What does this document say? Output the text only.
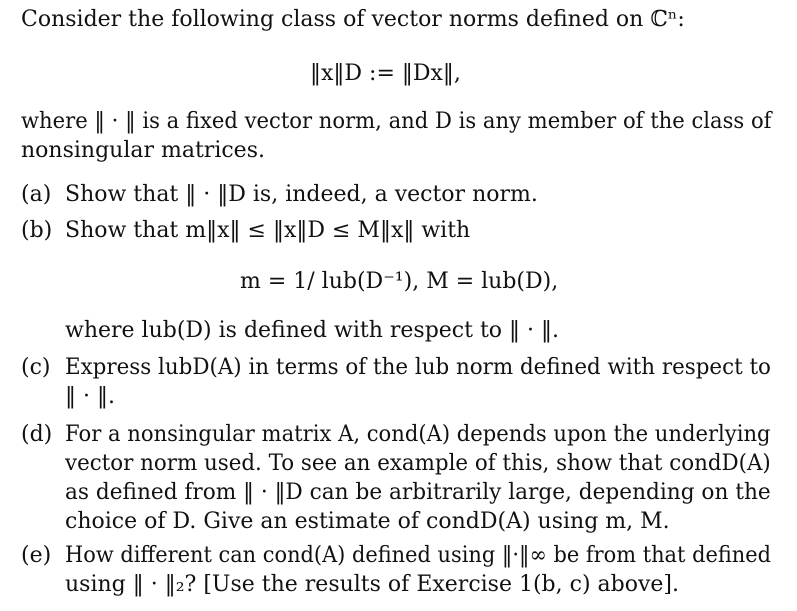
Consider the following class of vector norms defined on ℂⁿ:
‖x‖D := ‖Dx‖,
where ‖ · ‖ is a fixed vector norm, and D is any member of the class of
nonsingular matrices.
(a) Show that ‖ · ‖D is, indeed, a vector norm.
(b) Show that m‖x‖ ≤ ‖x‖D ≤ M‖x‖ with
m = 1/ lub(D⁻¹), M = lub(D),
where lub(D) is defined with respect to ‖ · ‖.
(c) Express lubD(A) in terms of the lub norm defined with respect to
‖ · ‖.
(d) For a nonsingular matrix A, cond(A) depends upon the underlying
vector norm used. To see an example of this, show that condD(A)
as defined from ‖ · ‖D can be arbitrarily large, depending on the
choice of D. Give an estimate of condD(A) using m, M.
(e) How different can cond(A) defined using ‖·‖∞ be from that defined
using ‖ · ‖₂? [Use the results of Exercise 1(b, c) above].
